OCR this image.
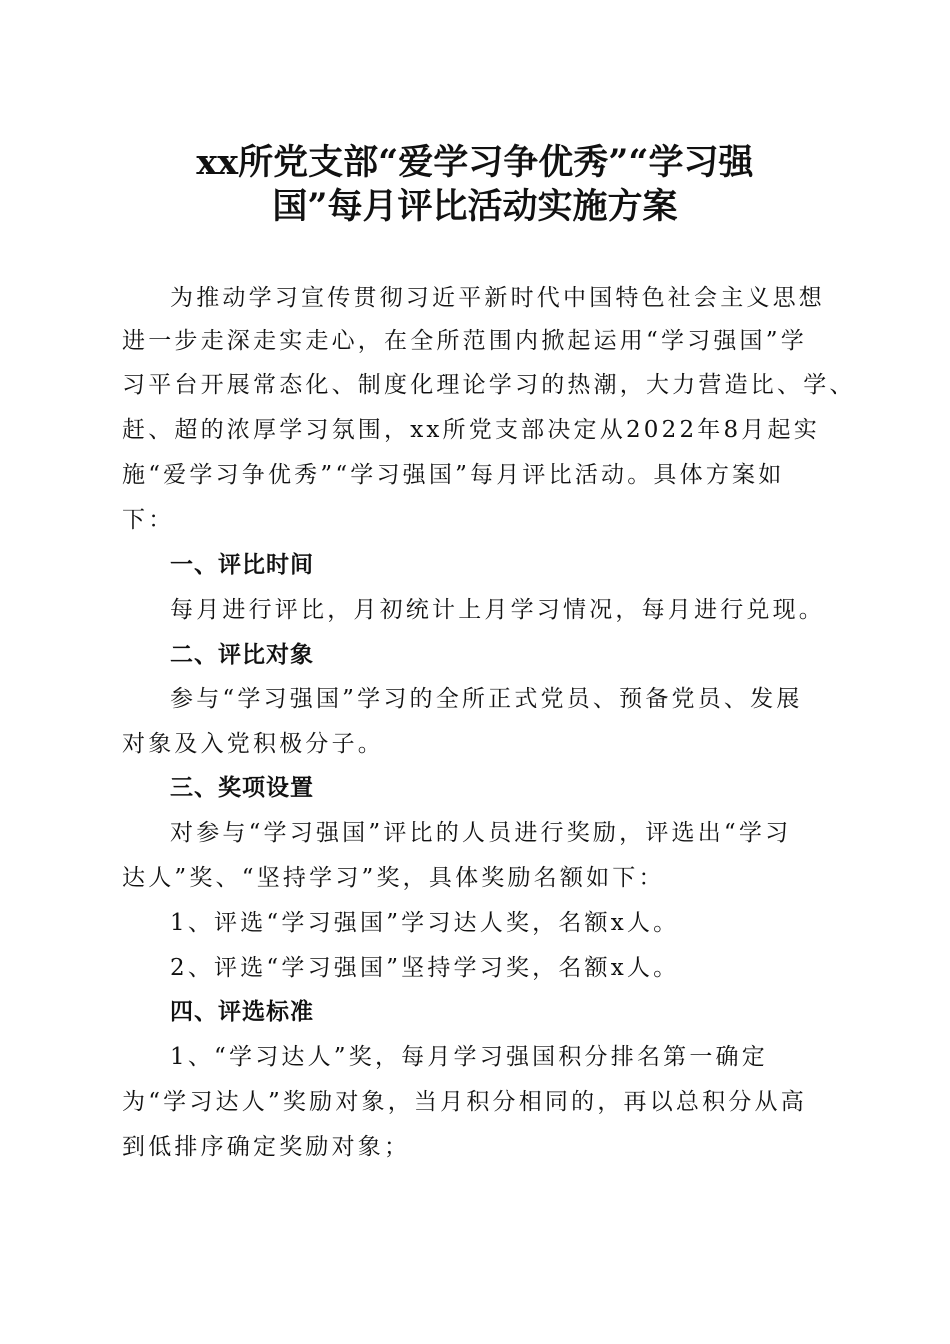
xx所党支部“爱学习争优秀”“学习强
国”每月评比活动实施方案

为推动学习宣传贯彻习近平新时代中国特色社会主义思想

进一步走深走实走心，在全所范围内掀起运用“学习强国”学

习平台开展常态化、制度化理论学习的热潮，大力营造比、学、

赶、超的浓厚学习氛围，xx所党支部决定从2022年8月起实

施“爱学习争优秀”“学习强国”每月评比活动。具体方案如

下：

一、评比时间

每月进行评比，月初统计上月学习情况，每月进行兑现。

二、评比对象

参与“学习强国”学习的全所正式党员、预备党员、发展

对象及入党积极分子。

三、奖项设置

对参与“学习强国”评比的人员进行奖励，评选出“学习

达人”奖、“坚持学习”奖，具体奖励名额如下：

1、评选“学习强国”学习达人奖，名额x人。

2、评选“学习强国”坚持学习奖，名额x人。

四、评选标准

1、“学习达人”奖，每月学习强国积分排名第一确定

为“学习达人”奖励对象，当月积分相同的，再以总积分从高

到低排序确定奖励对象；
